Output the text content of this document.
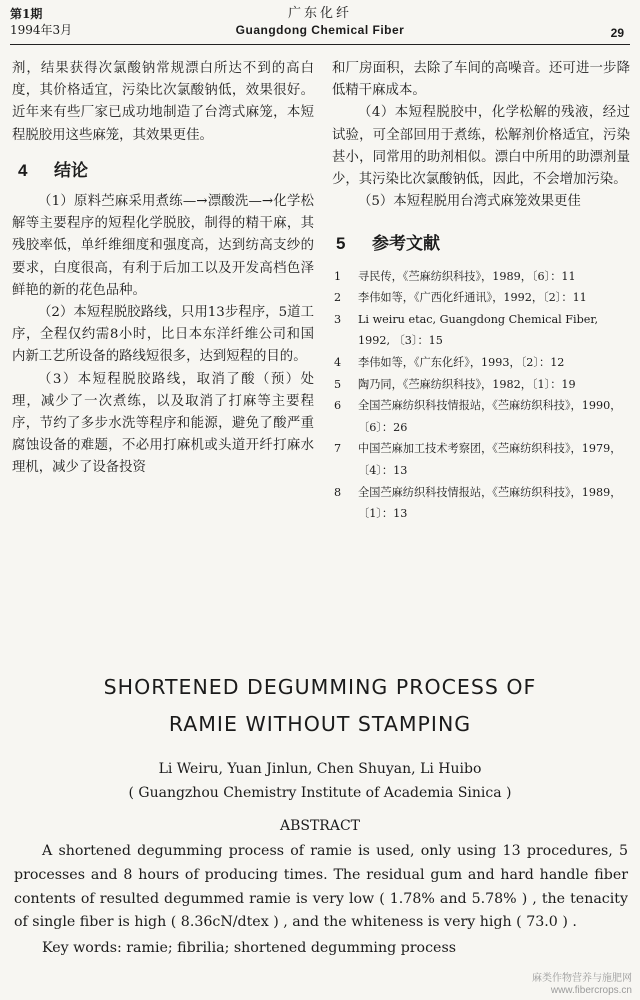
第1期
1994年3月
广东化纤
Guangdong Chemical Fiber	29

剂，结果获得次氯酸钠常规漂白所达不到的高白度，其价格适宜，污染比次氯酸钠低，效果很好。近年来有些厂家已成功地制造了台湾式麻笼，本短程脱胶用这些麻笼，其效果更佳。

4 结论

（1）原料苎麻采用煮练—→漂酸洗—→化学松解等主要程序的短程化学脱胶，制得的精干麻，其残胶率低，单纤维细度和强度高，达到纺高支纱的要求，白度很高，有利于后加工以及开发高档色泽鲜艳的新的花色品种。

（2）本短程脱胶路线，只用13步程序，5道工序，全程仅约需8小时，比日本东洋纤维公司和国内新工艺所设备的路线短很多，达到短程的目的。

（3）本短程脱胶路线，取消了酸（预）处理，减少了一次煮练，以及取消了打麻等主要程序，节约了多步水洗等程序和能源，避免了酸严重腐蚀设备的难题，不必用打麻机或头道开纤打麻水理机，减少了设备投资

和厂房面积，去除了车间的高噪音。还可进一步降低精干麻成本。

（4）本短程脱胶中，化学松解的残液，经过试验，可全部回用于煮练，松解剂价格适宜，污染甚小，同常用的助剂相似。漂白中所用的助漂剂量少，其污染比次氯酸钠低，因此，不会增加污染。

（5）本短程脱用台湾式麻笼效果更佳

5 参考文献
1	寻民传，《苎麻纺织科技》，1989，〔6〕：11
2	李伟如等，《广西化纤通讯》，1992，〔2〕：11
3	Li weiru etac, Guangdong Chemical Fiber, 1992, 〔3〕：15
4	李伟如等，《广东化纤》，1993，〔2〕：12
5	陶乃同，《苎麻纺织科技》，1982，〔1〕：19
6	全国苎麻纺织科技情报站，《苎麻纺织科技》，1990，〔6〕：26
7	中国苎麻加工技术考察团，《苎麻纺织科技》，1979，〔4〕：13
8	全国苎麻纺织科技情报站，《苎麻纺织科技》，1989，〔1〕：13
SHORTENED DEGUMMING PROCESS OF
RAMIE WITHOUT STAMPING
Li Weiru, Yuan Jinlun, Chen Shuyan, Li Huibo
( Guangzhou Chemistry Institute of Academia Sinica )
ABSTRACT

A shortened degumming process of ramie is used, only using 13 procedures, 5 processes and 8 hours of producing times. The residual gum and hard handle fiber contents of resulted degummed ramie is very low ( 1.78% and 5.78% ) , the tenacity of single fiber is high ( 8.36cN/dtex ) , and the whiteness is very high ( 73.0 ) .

Key words: ramie; fibrilia; shortened degumming process

麻类作物营养与施肥网
www.fibercrops.cn
